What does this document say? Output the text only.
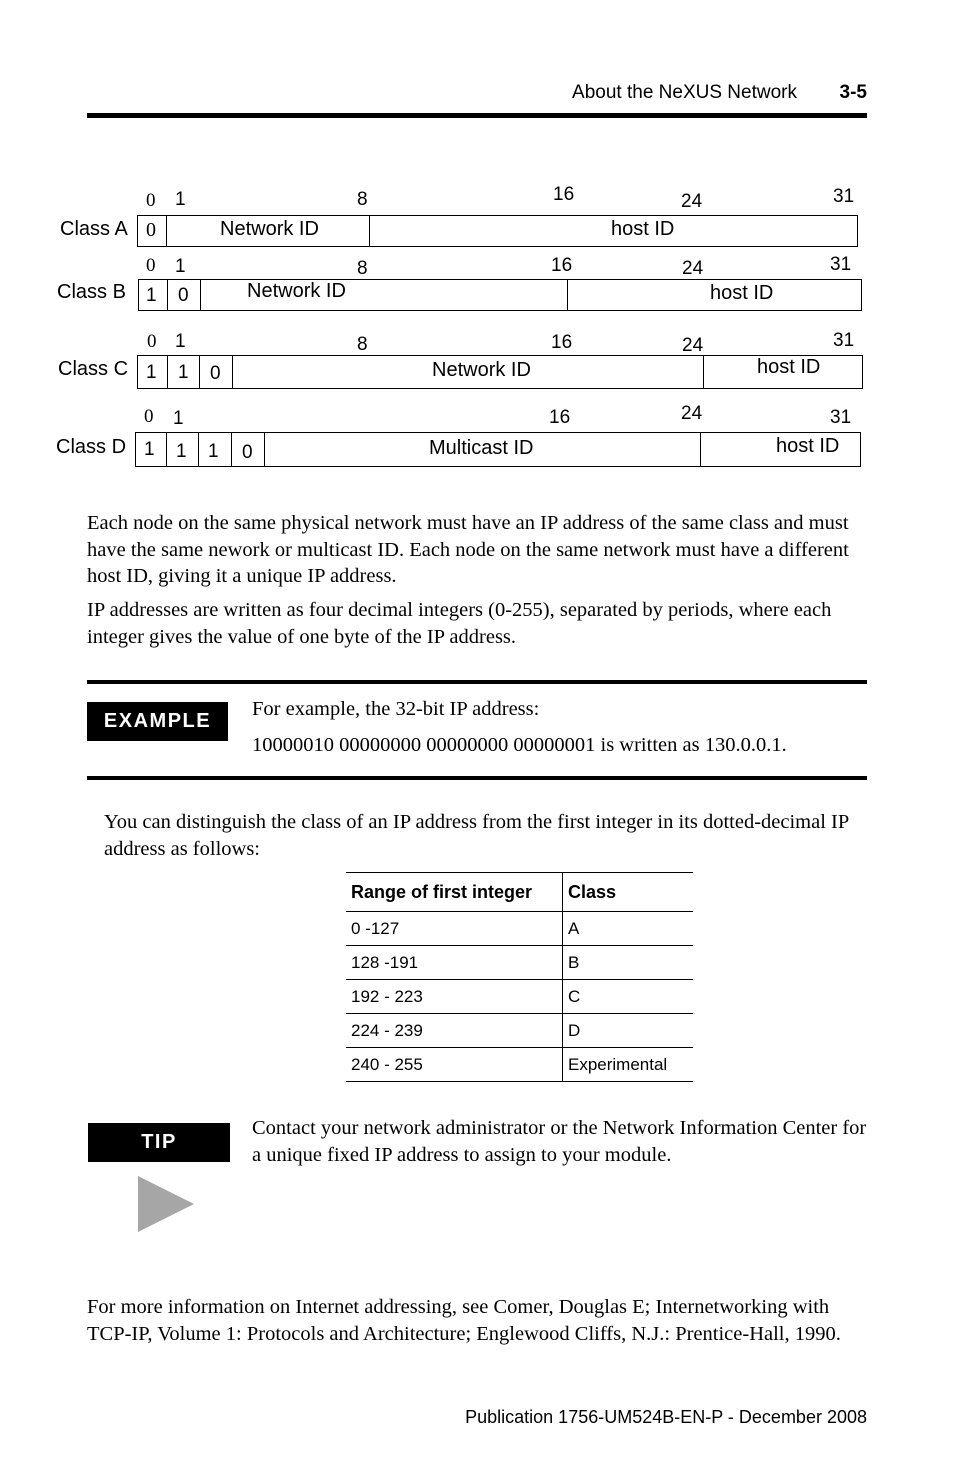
About the NeXUS Network 3-5
0 1	8	16	24	31
Class A 0	Network ID	host ID
0 1	8	16	24	31
Class B 1 0	Network ID	host ID
0 1	8	16	24	31
Class C 1 1 0	Network ID	host ID
0 1	16	24	31
Class D 1 1 1 0	Multicast ID	host ID
Each node on the same physical network must have an IP address of the same class and must have the same nework or multicast ID. Each node on the same network must have a different host ID, giving it a unique IP address.
IP addresses are written as four decimal integers (0-255), separated by periods, where each integer gives the value of one byte of the IP address.
EXAMPLE
For example, the 32-bit IP address:
10000010 00000000 00000000 00000001 is written as 130.0.0.1.
You can distinguish the class of an IP address from the first integer in its dotted-decimal IP address as follows:
Range of first integer	Class
0 -127	A
128 -191	B
192 - 223	C
224 - 239	D
240 - 255	Experimental
TIP
Contact your network administrator or the Network Information Center for a unique fixed IP address to assign to your module.
For more information on Internet addressing, see Comer, Douglas E; Internetworking with TCP-IP, Volume 1: Protocols and Architecture; Englewood Cliffs, N.J.: Prentice-Hall, 1990.
Publication 1756-UM524B-EN-P - December 2008
